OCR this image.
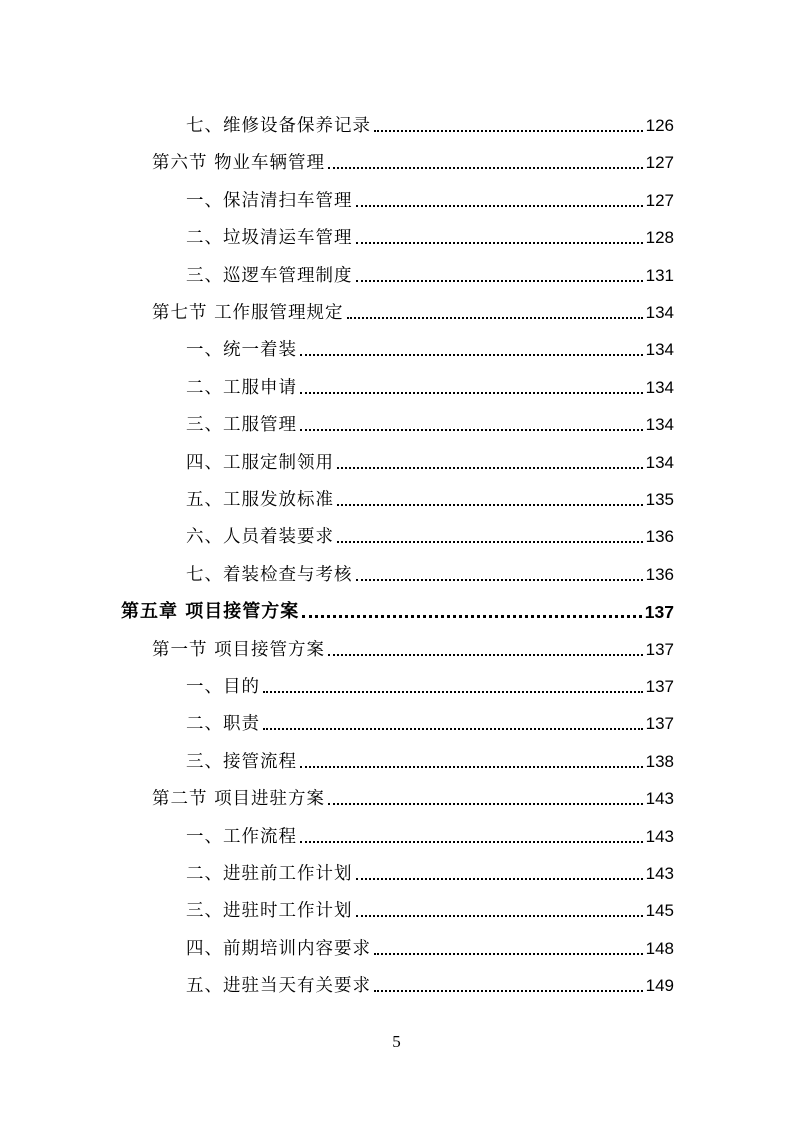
七、维修设备保养记录	126
第六节 物业车辆管理	127
一、保洁清扫车管理	127
二、垃圾清运车管理	128
三、巡逻车管理制度	131
第七节 工作服管理规定	134
一、统一着装	134
二、工服申请	134
三、工服管理	134
四、工服定制领用	134
五、工服发放标准	135
六、人员着装要求	136
七、着装检查与考核	136
第五章 项目接管方案	137
第一节 项目接管方案	137
一、目的	137
二、职责	137
三、接管流程	138
第二节 项目进驻方案	143
一、工作流程	143
二、进驻前工作计划	143
三、进驻时工作计划	145
四、前期培训内容要求	148
五、进驻当天有关要求	149
5
